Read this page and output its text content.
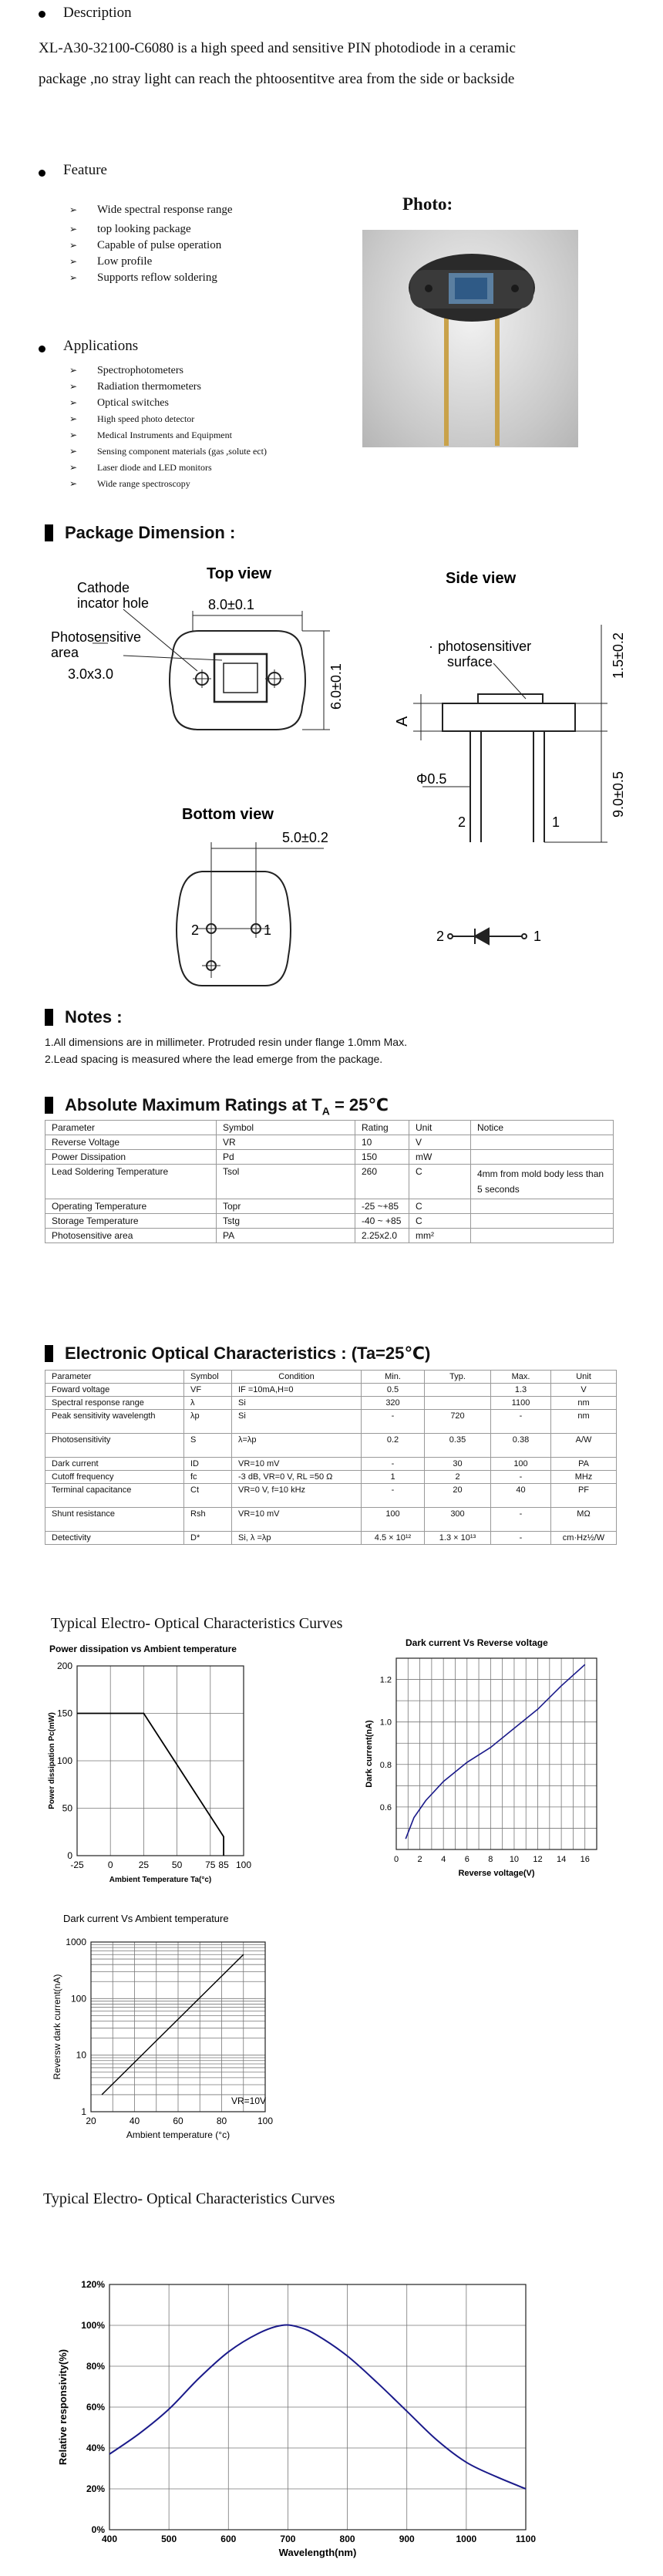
Description
XL-A30-32100-C6080 is a high speed and sensitive PIN photodiode in a ceramic
package ,no stray light can reach the phtoosentitve area from the side or backside
Feature
➢ Wide spectral response range
➢ top looking package
➢ Capable of pulse operation
➢ Low profile
➢ Supports reflow soldering
Photo:
Applications
➢ Spectrophotometers
➢ Radiation thermometers
➢ Optical switches
➢ High speed photo detector
➢ Medical Instruments and Equipment
➢ Sensing component materials (gas ,solute ect)
➢ Laser diode and LED monitors
➢ Wide range spectroscopy
Package Dimension :
Top view
Cathode
incator hole
Photosensitive
area
3.0x3.0
8.0±0.1
6.0±0.1
Side view
· photosensitiver
surface
A
1.5±0.2
9.0±0.5
Φ0.5
2	1
Bottom view
5.0±0.2
2	1	2	1
Notes :

1.All dimensions are in millimeter. Protruded resin under flange 1.0mm Max.

2.Lead spacing is measured where the lead emerge from the package.

Absolute Maximum Ratings at $T_A$ = 25℃
Parameter	Symbol	Rating	Unit	Notice
Reverse Voltage	VR	10	V	
Power Dissipation	Pd	150	mW	
Lead Soldering Temperature	Tsol	260	C	4mm from mold body less than 5 seconds
Operating Temperature	Topr	-25 ~+85	C	
Storage Temperature	Tstg	-40 ~ +85	C	
Photosensitive area	PA	2.25x2.0	mm²	
Electronic Optical Characteristics : (Ta=25℃)
Parameter	Symbol	Condition	Min.	Typ.	Max.	Unit
Foward voltage	VF	IF =10mA,H=0	0.5		1.3	V
Spectral response range	λ	Si	320		1100	nm
Peak sensitivity wavelength	λp	Si	-	720	-	nm
Photosensitivity	S	λ=λp	0.2	0.35	0.38	A/W
Dark current	ID	VR=10 mV	-	30	100	PA
Cutoff frequency	fc	-3 dB, VR=0 V, RL =50 Ω	1	2	-	MHz
Terminal capacitance	Ct	VR=0 V, f=10 kHz	-	20	40	PF
Shunt resistance	Rsh	VR=10 mV	100	300	-	MΩ
Detectivity	D*	Si, λ =λp	4.5 × 10¹²	1.3 × 10¹³	-	cm·Hz½/W
Typical Electro- Optical Characteristics Curves
Power dissipation vs Ambient temperature
-25	0	25 50 75 85 100
0
50
100
150
200
Ambient Temperature Ta(°c)
Power dissipation Pc(mW)
Dark current Vs Reverse voltage
0 2 4 6 8 10 12 14 16
0.6
0.8
1.0
1.2
Reverse voltage(V)
Dark current(nA)
Dark current Vs Ambient temperature
20	40	60	80	100
1
10
100
1000
Ambient temperature (°c)
Reversw dark current(nA)
VR=10V
Typical Electro- Optical Characteristics Curves
400	500	600	700	800	900	1000	1100
0%
20%
40%
60%
80%
100%
120%
Wavelength(nm)
Relative responsivity(%)
